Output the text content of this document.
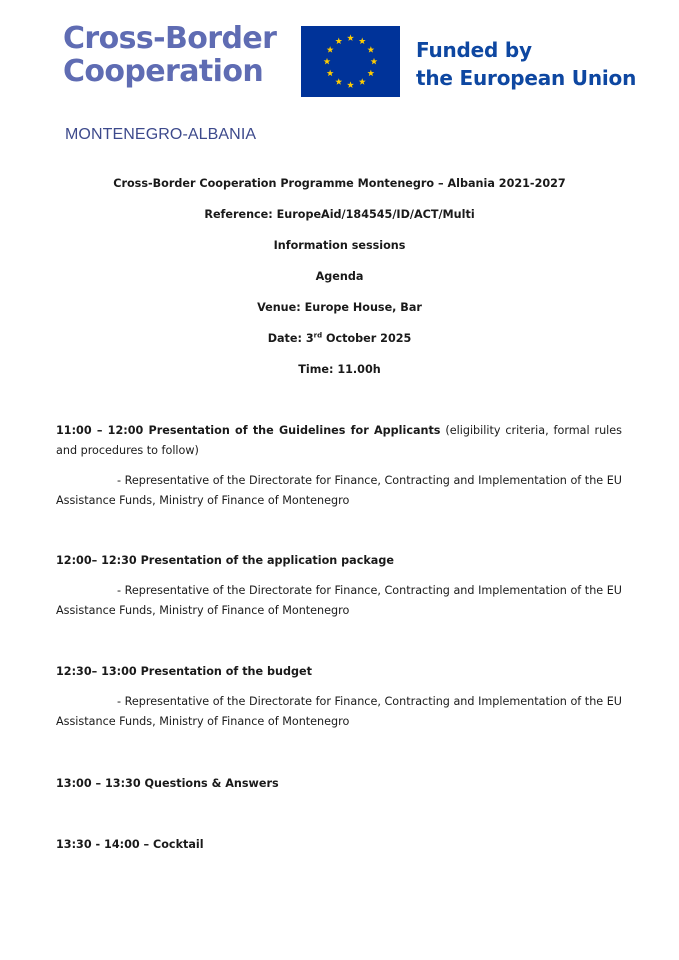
Cross-Border
Cooperation
Funded by
the European Union
MONTENEGRO-ALBANIA
Cross-Border Cooperation Programme Montenegro – Albania 2021-2027
Reference: EuropeAid/184545/ID/ACT/Multi
Information sessions
Agenda
Venue: Europe House, Bar
Date: 3rd October 2025
Time: 11.00h

11:00 – 12:00 Presentation of the Guidelines for Applicants (eligibility criteria, formal rules and procedures to follow)

- Representative of the Directorate for Finance, Contracting and Implementation of the EU Assistance Funds, Ministry of Finance of Montenegro

12:00– 12:30 Presentation of the application package

- Representative of the Directorate for Finance, Contracting and Implementation of the EU Assistance Funds, Ministry of Finance of Montenegro

12:30– 13:00 Presentation of the budget

- Representative of the Directorate for Finance, Contracting and Implementation of the EU Assistance Funds, Ministry of Finance of Montenegro

13:00 – 13:30 Questions & Answers

13:30 - 14:00 – Cocktail
